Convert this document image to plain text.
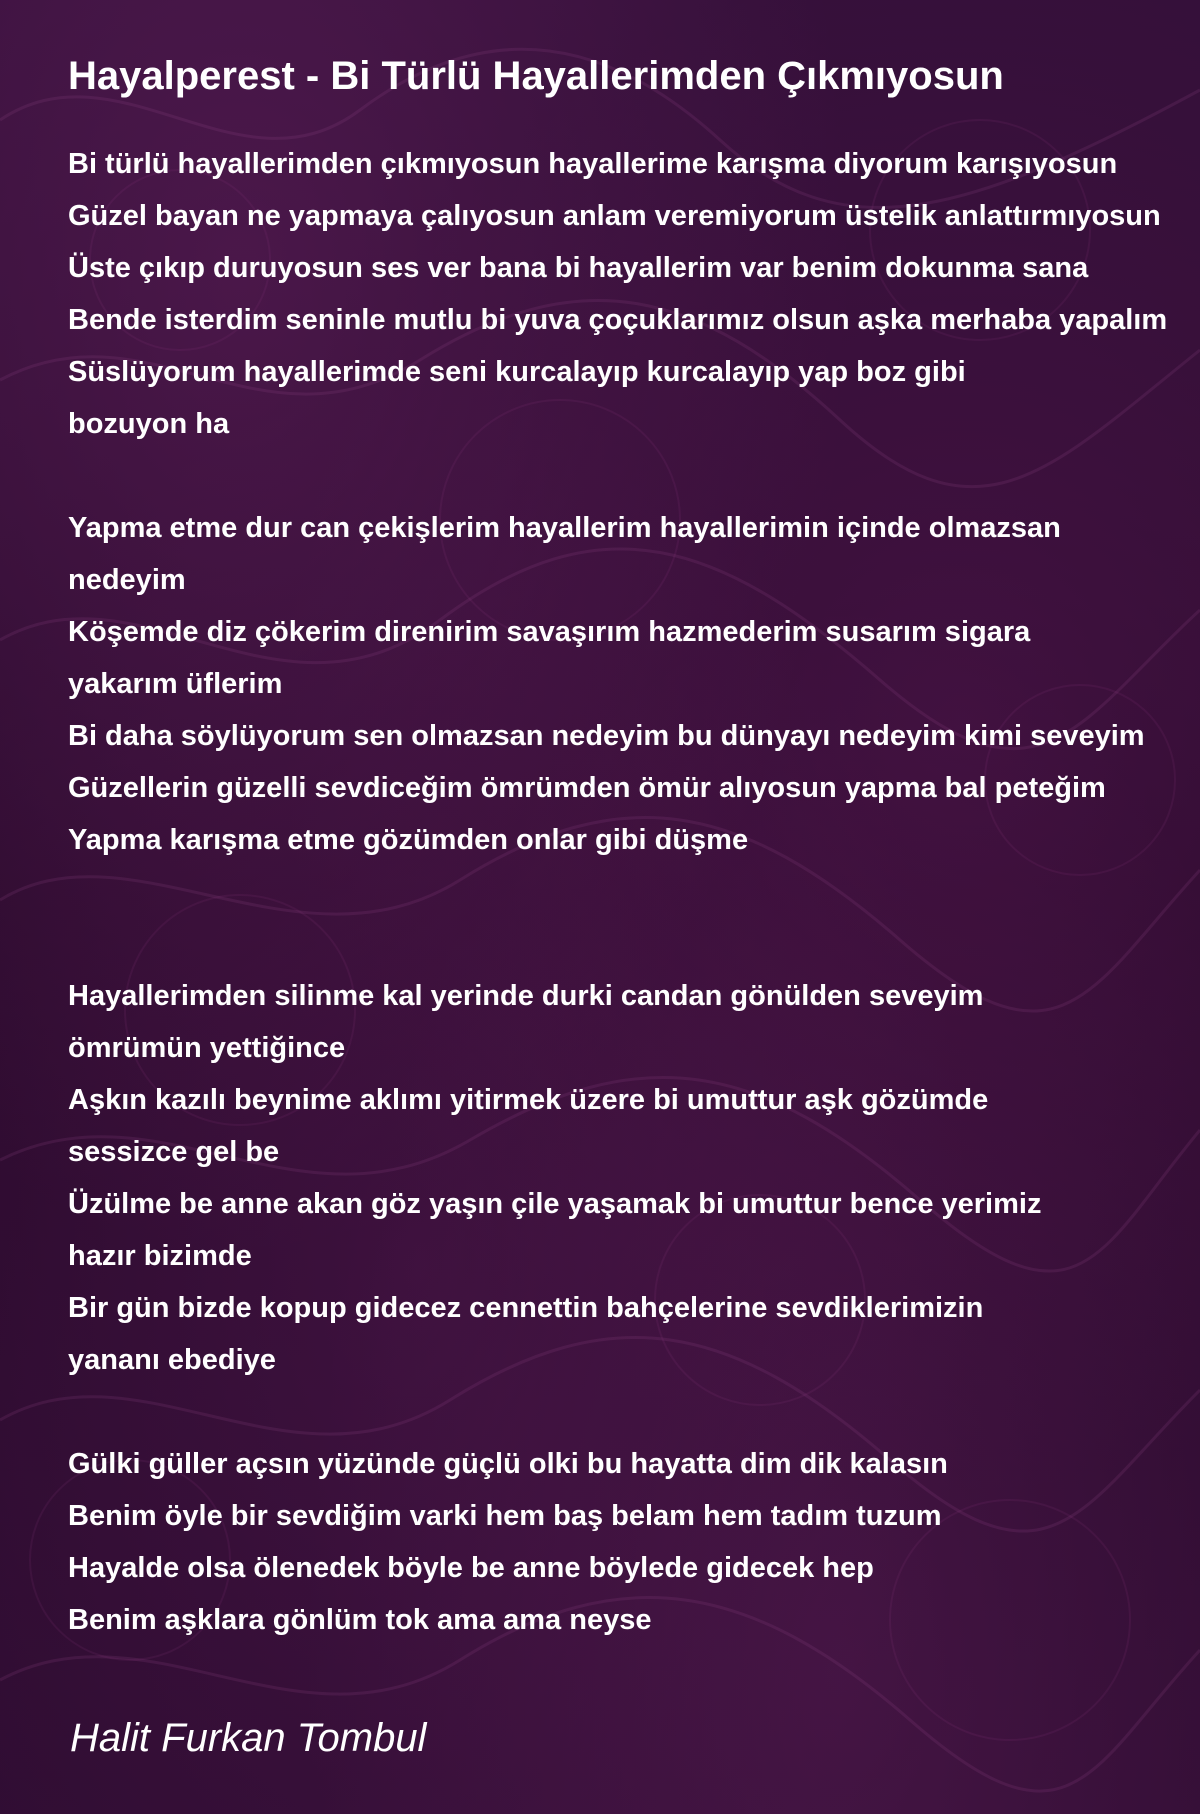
Hayalperest - Bi Türlü Hayallerimden Çıkmıyosun
Bi türlü hayallerimden çıkmıyosun hayallerime karışma diyorum karışıyosun
Güzel bayan ne yapmaya çalıyosun anlam veremiyorum üstelik anlattırmıyosun
Üste çıkıp duruyosun ses ver bana bi hayallerim var benim dokunma sana
Bende isterdim seninle mutlu bi yuva çoçuklarımız olsun aşka merhaba yapalım
Süslüyorum hayallerimde seni kurcalayıp kurcalayıp yap boz gibi
bozuyon ha
Yapma etme dur can çekişlerim hayallerim hayallerimin içinde olmazsan
nedeyim
Köşemde diz çökerim direnirim savaşırım hazmederim susarım sigara
yakarım üflerim
Bi daha söylüyorum sen olmazsan nedeyim bu dünyayı nedeyim kimi seveyim
Güzellerin güzelli sevdiceğim ömrümden ömür alıyosun yapma bal peteğim
Yapma karışma etme gözümden onlar gibi düşme
Hayallerimden silinme kal yerinde durki candan gönülden seveyim
ömrümün yettiğince
Aşkın kazılı beynime aklımı yitirmek üzere bi umuttur aşk gözümde
sessizce gel be
Üzülme be anne akan göz yaşın çile yaşamak bi umuttur bence yerimiz
hazır bizimde
Bir gün bizde kopup gidecez cennettin bahçelerine sevdiklerimizin
yananı ebediye
Gülki güller açsın yüzünde güçlü olki bu hayatta dim dik kalasın
Benim öyle bir sevdiğim varki hem baş belam hem tadım tuzum
Hayalde olsa ölenedek böyle be anne böylede gidecek hep
Benim aşklara gönlüm tok ama ama neyse
Halit Furkan Tombul
